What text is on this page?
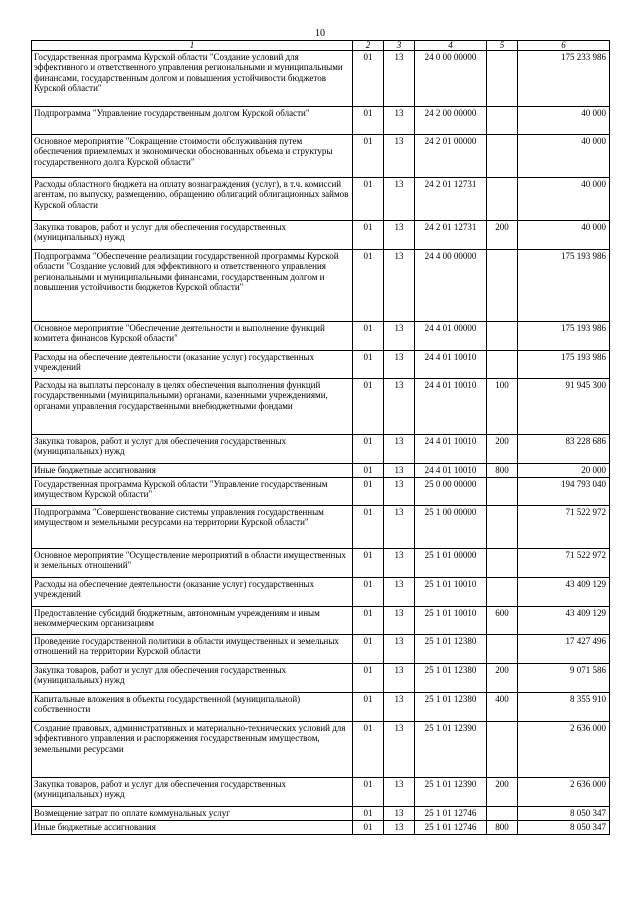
10
1	2	3	4	5	6
Государственная программа Курской области "Создание условий для эффективного и ответственного управления региональными и муниципальными финансами, государственным долгом и повышения устойчивости бюджетов Курской области"	01	13	24 0 00 00000		175 233 986
Подпрограмма "Управление государственным долгом Курской области"	01	13	24 2 00 00000		40 000
Основное мероприятие "Сокращение стоимости обслуживания путем обеспечения приемлемых и экономически обоснованных объема и структуры государственного долга Курской области"	01	13	24 2 01 00000		40 000
Расходы областного бюджета на оплату вознаграждения (услуг), в т.ч. комиссий агентам, по выпуску, размещению, обращению облигаций облигационных займов Курской области	01	13	24 2 01 12731		40 000
Закупка товаров, работ и услуг для обеспечения государственных (муниципальных) нужд	01	13	24 2 01 12731	200	40 000
Подпрограмма "Обеспечение реализации государственной программы Курской области "Создание условий для эффективного и ответственного управления региональными и муниципальными финансами, государственным долгом и повышения устойчивости бюджетов Курской области"	01	13	24 4 00 00000		175 193 986
Основное мероприятие "Обеспечение деятельности и выполнение функций комитета финансов Курской области"	01	13	24 4 01 00000		175 193 986
Расходы на обеспечение деятельности (оказание услуг) государственных учреждений	01	13	24 4 01 10010		175 193 986
Расходы на выплаты персоналу в целях обеспечения выполнения функций государственными (муниципальными) органами, казенными учреждениями, органами управления государственными внебюджетными фондами	01	13	24 4 01 10010	100	91 945 300
Закупка товаров, работ и услуг для обеспечения государственных (муниципальных) нужд	01	13	24 4 01 10010	200	83 228 686
Иные бюджетные ассигнования	01	13	24 4 01 10010	800	20 000
Государственная программа Курской области "Управление государственным имуществом Курской области"	01	13	25 0 00 00000		194 793 040
Подпрограмма "Совершенствование системы управления государственным имуществом и земельными ресурсами на территории Курской области"	01	13	25 1 00 00000		71 522 972
Основное мероприятие "Осуществление мероприятий в области имущественных и земельных отношений"	01	13	25 1 01 00000		71 522 972
Расходы на обеспечение деятельности (оказание услуг) государственных учреждений	01	13	25 1 01 10010		43 409 129
Предоставление субсидий бюджетным, автономным учреждениям и иным некоммерческим организациям	01	13	25 1 01 10010	600	43 409 129
Проведение государственной политики в области имущественных и земельных отношений на территории Курской области	01	13	25 1 01 12380		17 427 496
Закупка товаров, работ и услуг для обеспечения государственных (муниципальных) нужд	01	13	25 1 01 12380	200	9 071 586
Капитальные вложения в объекты государственной (муниципальной) собственности	01	13	25 1 01 12380	400	8 355 910
Создание правовых, административных и материально-технических условий для эффективного управления и распоряжения государственным имуществом, земельными ресурсами	01	13	25 1 01 12390		2 636 000
Закупка товаров, работ и услуг для обеспечения государственных (муниципальных) нужд	01	13	25 1 01 12390	200	2 636 000
Возмещение затрат по оплате коммунальных услуг	01	13	25 1 01 12746		8 050 347
Иные бюджетные ассигнования	01	13	25 1 01 12746	800	8 050 347
